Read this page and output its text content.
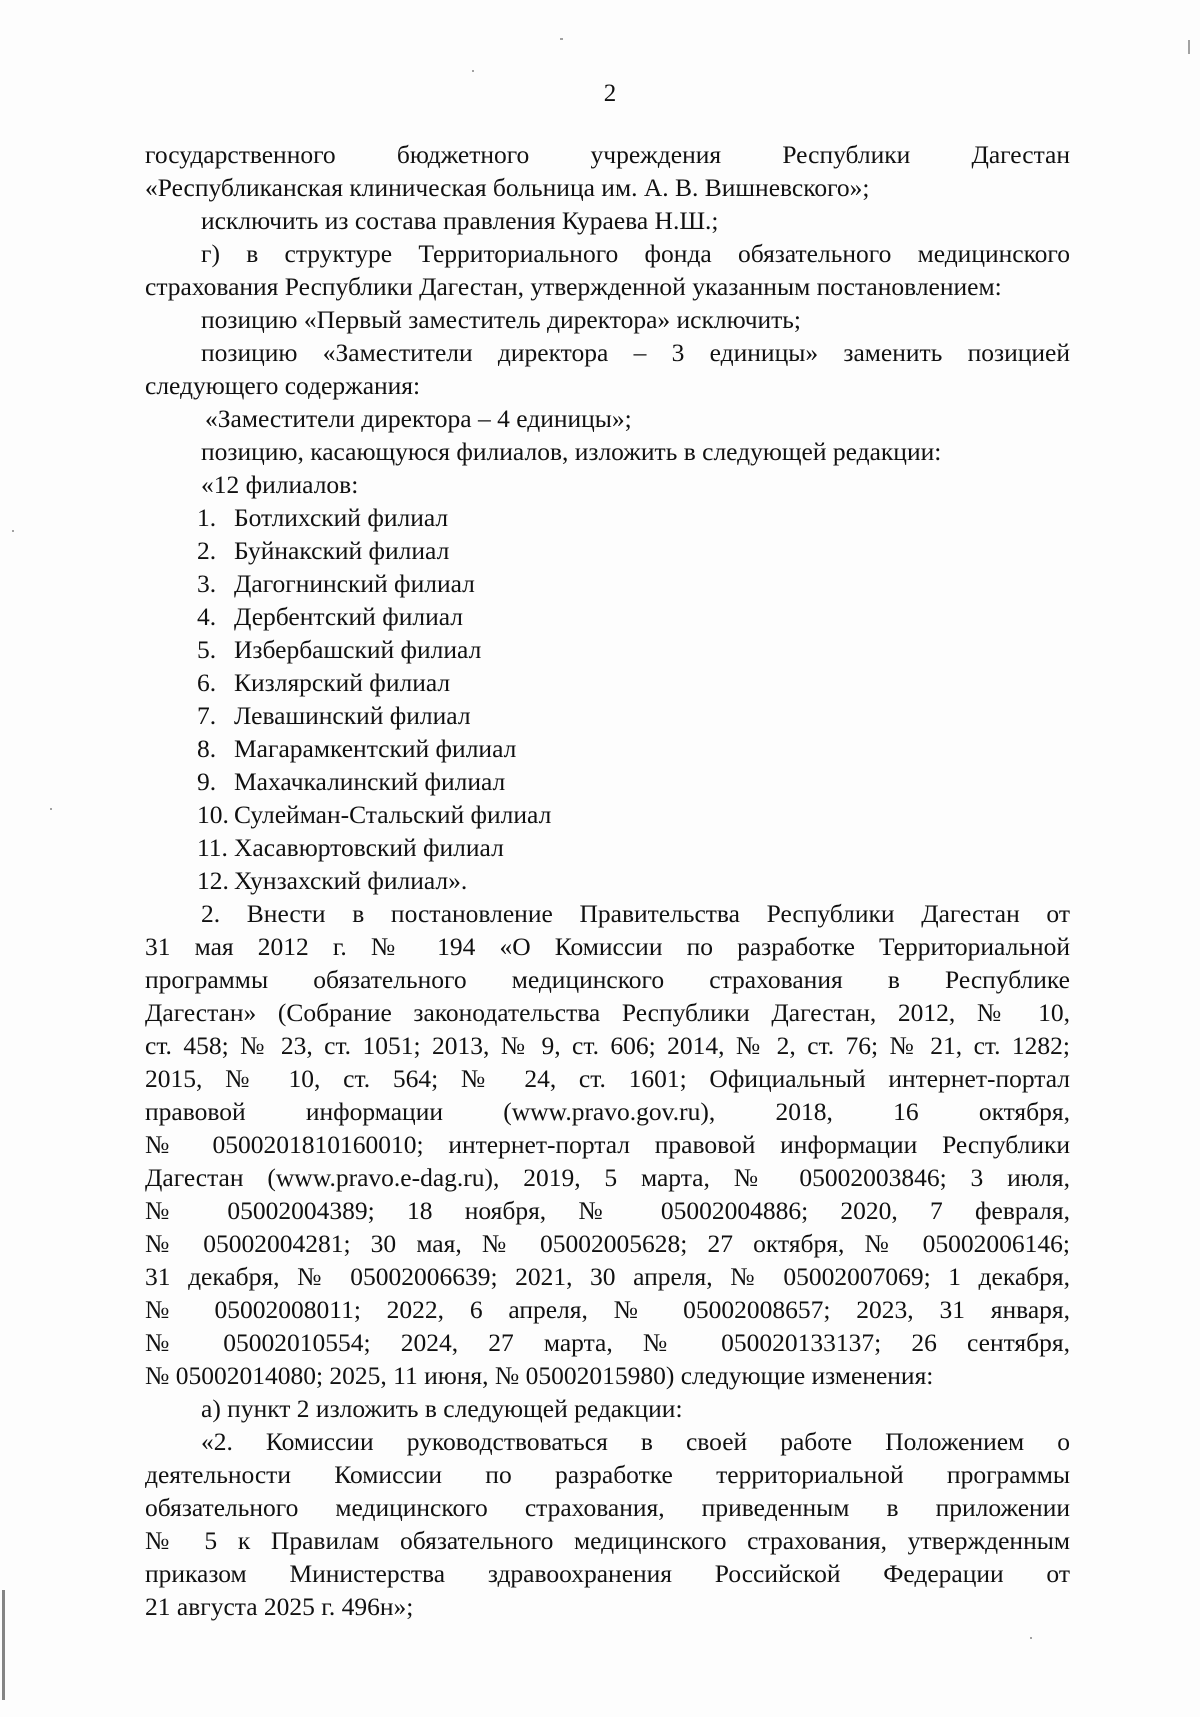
2

государственного бюджетного учреждения Республики Дагестан

«Республиканская клиническая больница им. А. В. Вишневского»;

исключить из состава правления Кураева Н.Ш.;

г) в структуре Территориального фонда обязательного медицинского

страхования Республики Дагестан, утвержденной указанным постановлением:

позицию «Первый заместитель директора» исключить;

позицию «Заместители директора – 3 единицы» заменить позицией

следующего содержания:

«Заместители директора – 4 единицы»;

позицию, касающуюся филиалов, изложить в следующей редакции:

«12 филиалов:

1. Ботлихский филиал
2. Буйнакский филиал
3. Дагогнинский филиал
4. Дербентский филиал
5. Избербашский филиал
6. Кизлярский филиал
7. Левашинский филиал
8. Магарамкентский филиал
9. Махачкалинский филиал
10. Сулейман-Стальский филиал
11. Хасавюртовский филиал
12. Хунзахский филиал».

2. Внести в постановление Правительства Республики Дагестан от

31 мая 2012 г. № 194 «О Комиссии по разработке Территориальной

программы обязательного медицинского страхования в Республике

Дагестан» (Собрание законодательства Республики Дагестан, 2012, № 10,

ст. 458; № 23, ст. 1051; 2013, № 9, ст. 606; 2014, № 2, ст. 76; № 21, ст. 1282;

2015, № 10, ст. 564; № 24, ст. 1601; Официальный интернет-портал

правовой информации (www.pravo.gov.ru), 2018, 16 октября,

№ 0500201810160010; интернет-портал правовой информации Республики

Дагестан (www.pravo.e-dag.ru), 2019, 5 марта, № 05002003846; 3 июля,

№ 05002004389; 18 ноября, № 05002004886; 2020, 7 февраля,

№ 05002004281; 30 мая, № 05002005628; 27 октября, № 05002006146;

31 декабря, № 05002006639; 2021, 30 апреля, № 05002007069; 1 декабря,

№ 05002008011; 2022, 6 апреля, № 05002008657; 2023, 31 января,

№ 05002010554; 2024, 27 марта, № 050020133137; 26 сентября,

№ 05002014080; 2025, 11 июня, № 05002015980) следующие изменения:

а) пункт 2 изложить в следующей редакции:

«2. Комиссии руководствоваться в своей работе Положением о

деятельности Комиссии по разработке территориальной программы

обязательного медицинского страхования, приведенным в приложении

№ 5 к Правилам обязательного медицинского страхования, утвержденным

приказом Министерства здравоохранения Российской Федерации от

21 августа 2025 г. 496н»;
